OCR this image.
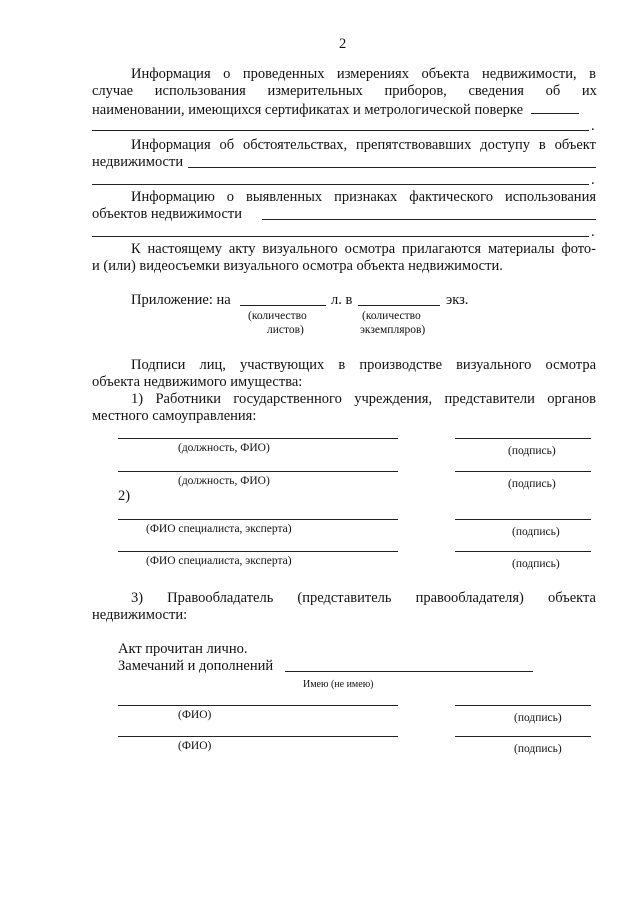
2
Информация о проведенных измерениях объекта недвижимости, в
случае использования измерительных приборов, сведения об их
наименовании, имеющихся сертификатах и метрологической поверке
.
Информация об обстоятельствах, препятствовавших доступу в объект
недвижимости
.
Информацию о выявленных признаках фактического использования
объектов недвижимости
.
К настоящему акту визуального осмотра прилагаются материалы фото-
и (или) видеосъемки визуального осмотра объекта недвижимости.
Приложение: на	л. в	экз.
(количество
листов)
(количество
экземпляров)
Подписи лиц, участвующих в производстве визуального осмотра
объекта недвижимого имущества:
1) Работники государственного учреждения, представители органов
местного самоуправления:
(должность, ФИО)	(подпись)
(должность, ФИО)	(подпись)
2)
(ФИО специалиста, эксперта)	(подпись)
(ФИО специалиста, эксперта)	(подпись)
3) Правообладатель (представитель правообладателя) объекта
недвижимости:
Акт прочитан лично.
Замечаний и дополнений
Имею (не имею)
(ФИО)	(подпись)
(ФИО)	(подпись)
